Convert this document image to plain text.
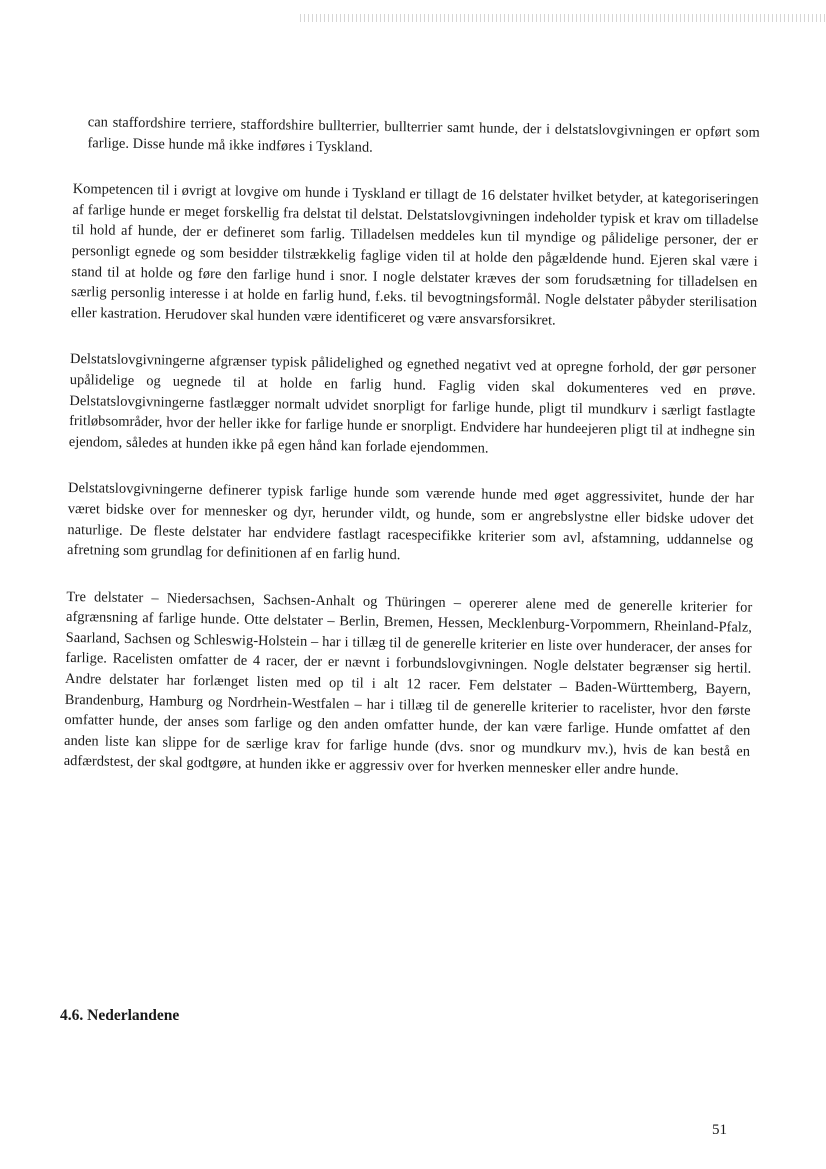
can staffordshire terriere, staffordshire bullterrier, bullterrier samt hunde, der i delstatslovgivningen er opført som farlige. Disse hunde må ikke indføres i Tyskland.

Kompetencen til i øvrigt at lovgive om hunde i Tyskland er tillagt de 16 delstater hvilket betyder, at kategoriseringen af farlige hunde er meget forskellig fra delstat til delstat. Delstatslovgivningen indeholder typisk et krav om tilladelse til hold af hunde, der er defineret som farlig. Tilladelsen meddeles kun til myndige og pålidelige personer, der er personligt egnede og som besidder tilstrækkelig faglige viden til at holde den pågældende hund. Ejeren skal være i stand til at holde og føre den farlige hund i snor. I nogle delstater kræves der som forudsætning for tilladelsen en særlig personlig interesse i at holde en farlig hund, f.eks. til bevogtningsformål. Nogle delstater påbyder sterilisation eller kastration. Herudover skal hunden være identificeret og være ansvarsforsikret.

Delstatslovgivningerne afgrænser typisk pålidelighed og egnethed negativt ved at opregne forhold, der gør personer upålidelige og uegnede til at holde en farlig hund. Faglig viden skal dokumenteres ved en prøve. Delstatslovgivningerne fastlægger normalt udvidet snorpligt for farlige hunde, pligt til mundkurv i særligt fastlagte fritløbsområder, hvor der heller ikke for farlige hunde er snorpligt. Endvidere har hundeejeren pligt til at indhegne sin ejendom, således at hunden ikke på egen hånd kan forlade ejendommen.

Delstatslovgivningerne definerer typisk farlige hunde som værende hunde med øget aggressivitet, hunde der har været bidske over for mennesker og dyr, herunder vildt, og hunde, som er angrebslystne eller bidske udover det naturlige. De fleste delstater har endvidere fastlagt racespecifikke kriterier som avl, afstamning, uddannelse og afretning som grundlag for definitionen af en farlig hund.

Tre delstater – Niedersachsen, Sachsen-Anhalt og Thüringen – opererer alene med de generelle kriterier for afgrænsning af farlige hunde. Otte delstater – Berlin, Bremen, Hessen, Mecklenburg-Vorpommern, Rheinland-Pfalz, Saarland, Sachsen og Schleswig-Holstein – har i tillæg til de generelle kriterier en liste over hunderacer, der anses for farlige. Racelisten omfatter de 4 racer, der er nævnt i forbundslovgivningen. Nogle delstater begrænser sig hertil. Andre delstater har forlænget listen med op til i alt 12 racer. Fem delstater – Baden-Württemberg, Bayern, Brandenburg, Hamburg og Nordrhein-Westfalen – har i tillæg til de generelle kriterier to racelister, hvor den første omfatter hunde, der anses som farlige og den anden omfatter hunde, der kan være farlige. Hunde omfattet af den anden liste kan slippe for de særlige krav for farlige hunde (dvs. snor og mundkurv mv.), hvis de kan bestå en adfærdstest, der skal godtgøre, at hunden ikke er aggressiv over for hverken mennesker eller andre hunde.

4.6. Nederlandene
51
